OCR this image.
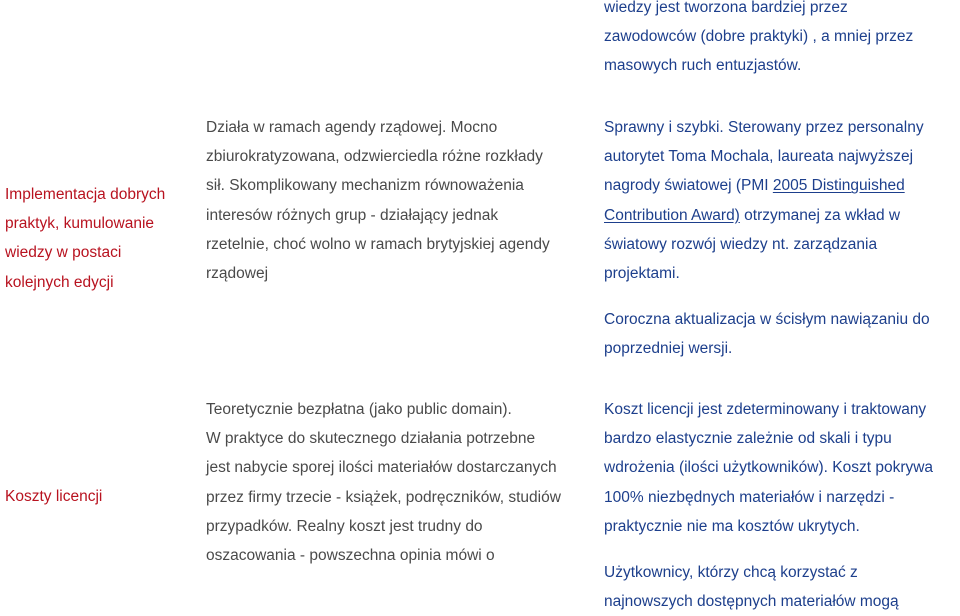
wiedzy jest tworzona bardziej przez
zawodowców (dobre praktyki) , a mniej przez
masowych ruch entuzjastów.
Implementacja dobrych
praktyk, kumulowanie
wiedzy w postaci
kolejnych edycji
Działa w ramach agendy rządowej. Mocno
zbiurokratyzowana, odzwierciedla różne rozkłady
sił. Skomplikowany mechanizm równoważenia
interesów różnych grup - działający jednak
rzetelnie, choć wolno w ramach brytyjskiej agendy
rządowej
Sprawny i szybki. Sterowany przez personalny
autorytet Toma Mochala, laureata najwyższej
nagrody światowej (PMI 2005 Distinguished
Contribution Award) otrzymanej za wkład w
światowy rozwój wiedzy nt. zarządzania
projektami.
Coroczna aktualizacja w ścisłym nawiązaniu do
poprzedniej wersji.
Koszty licencji
Teoretycznie bezpłatna (jako public domain).
W praktyce do skutecznego działania potrzebne
jest nabycie sporej ilości materiałów dostarczanych
przez firmy trzecie - książek, podręczników, studiów
przypadków. Realny koszt jest trudny do
oszacowania - powszechna opinia mówi o
Koszt licencji jest zdeterminowany i traktowany
bardzo elastycznie zależnie od skali i typu
wdrożenia (ilości użytkowników). Koszt pokrywa
100% niezbędnych materiałów i narzędzi -
praktycznie nie ma kosztów ukrytych.
Użytkownicy, którzy chcą korzystać z
najnowszych dostępnych materiałów mogą
